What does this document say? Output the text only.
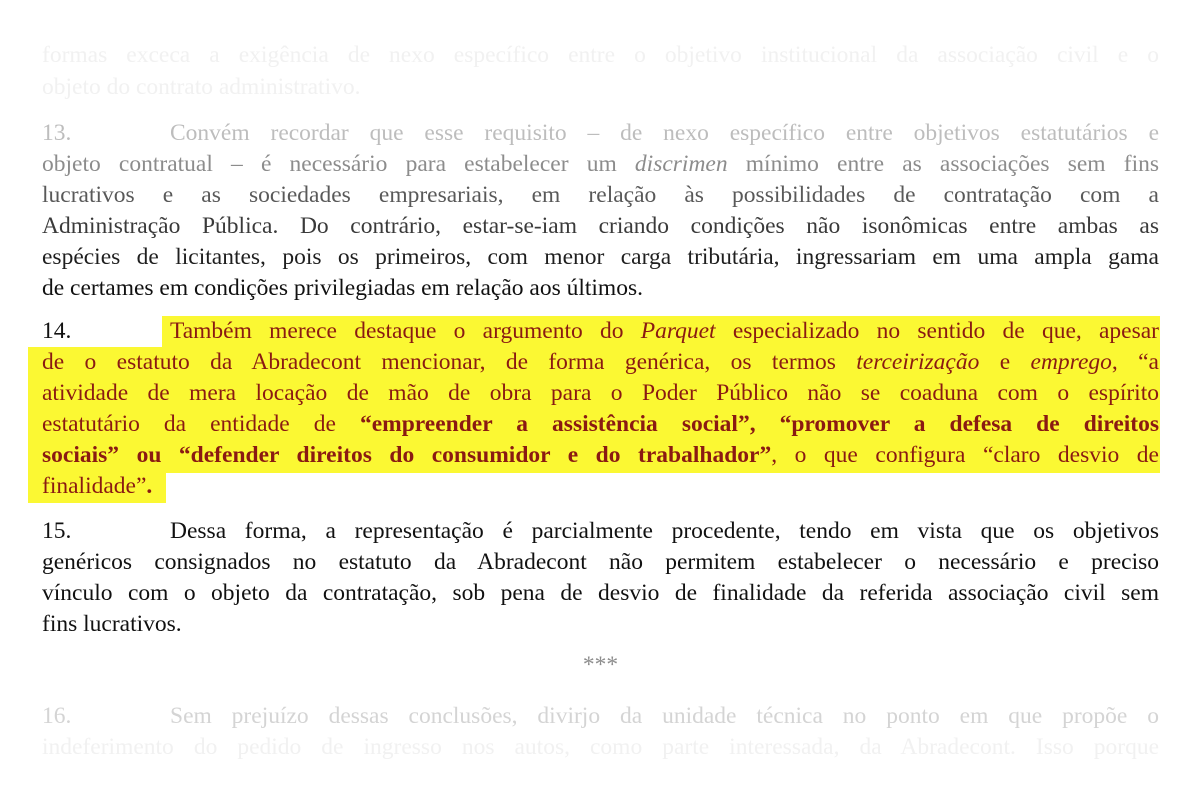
formas exceca a exigência de nexo específico entre o objetivo institucional da associação civil e o
objeto do contrato administrativo.
13.	Convém recordar que esse requisito – de nexo específico entre objetivos estatutários e
objeto contratual – é necessário para estabelecer um discrimen mínimo entre as associações sem fins
lucrativos e as sociedades empresariais, em relação às possibilidades de contratação com a
Administração Pública. Do contrário, estar-se-iam criando condições não isonômicas entre ambas as
espécies de licitantes, pois os primeiros, com menor carga tributária, ingressariam em uma ampla gama
de certames em condições privilegiadas em relação aos últimos.
14.	Também merece destaque o argumento do Parquet especializado no sentido de que, apesar
de o estatuto da Abradecont mencionar, de forma genérica, os termos terceirização e emprego, “a
atividade de mera locação de mão de obra para o Poder Público não se coaduna com o espírito
estatutário da entidade de “empreender a assistência social”, “promover a defesa de direitos
sociais” ou “defender direitos do consumidor e do trabalhador”, o que configura “claro desvio de
finalidade”.
15.	Dessa forma, a representação é parcialmente procedente, tendo em vista que os objetivos
genéricos consignados no estatuto da Abradecont não permitem estabelecer o necessário e preciso
vínculo com o objeto da contratação, sob pena de desvio de finalidade da referida associação civil sem
fins lucrativos.
***
16.	Sem prejuízo dessas conclusões, divirjo da unidade técnica no ponto em que propõe o
indeferimento do pedido de ingresso nos autos, como parte interessada, da Abradecont. Isso porque
